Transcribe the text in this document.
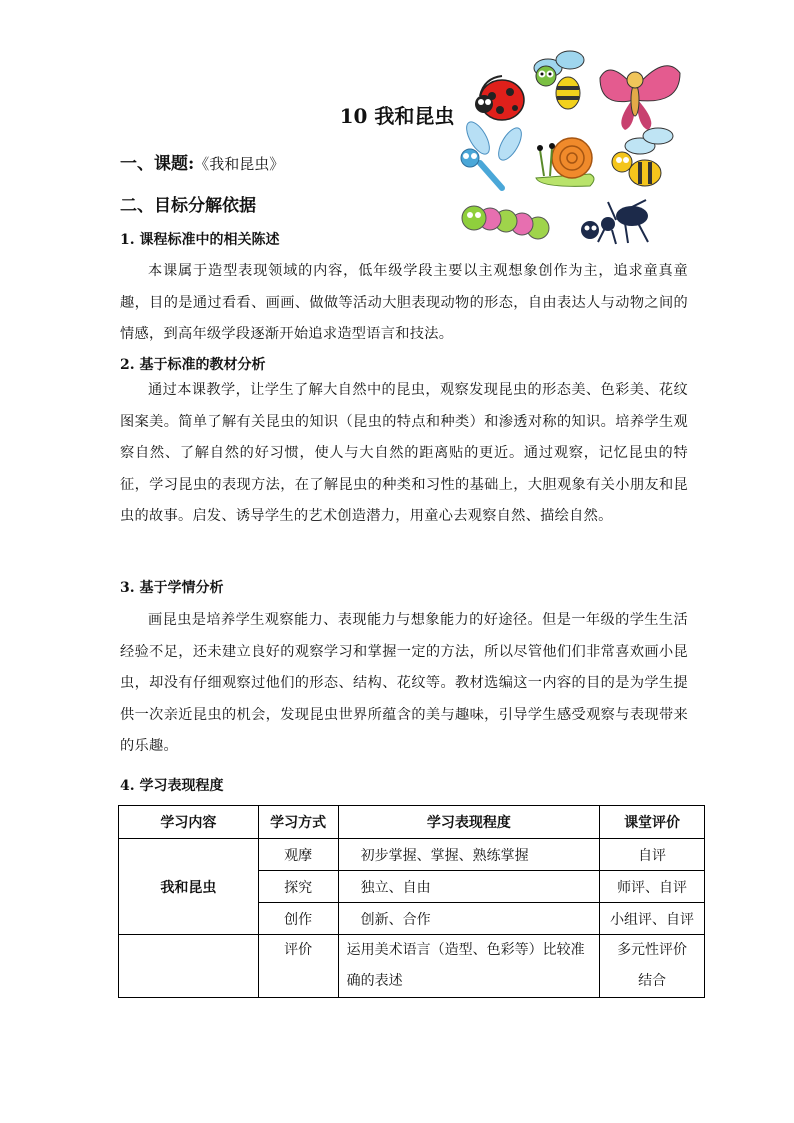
10 我和昆虫
一、课题:《我和昆虫》
二、目标分解依据
1. 课程标准中的相关陈述

本课属于造型表现领域的内容，低年级学段主要以主观想象创作为主，追求童真童趣，目的是通过看看、画画、做做等活动大胆表现动物的形态，自由表达人与动物之间的情感，到高年级学段逐渐开始追求造型语言和技法。

2. 基于标准的教材分析

通过本课教学，让学生了解大自然中的昆虫，观察发现昆虫的形态美、色彩美、花纹图案美。简单了解有关昆虫的知识（昆虫的特点和种类）和渗透对称的知识。培养学生观察自然、了解自然的好习惯，使人与大自然的距离贴的更近。通过观察，记忆昆虫的特征，学习昆虫的表现方法，在了解昆虫的种类和习性的基础上，大胆观象有关小朋友和昆虫的故事。启发、诱导学生的艺术创造潜力，用童心去观察自然、描绘自然。

3. 基于学情分析

画昆虫是培养学生观察能力、表现能力与想象能力的好途径。但是一年级的学生生活经验不足，还未建立良好的观察学习和掌握一定的方法，所以尽管他们们非常喜欢画小昆虫，却没有仔细观察过他们的形态、结构、花纹等。教材选编这一内容的目的是为学生提供一次亲近昆虫的机会，发现昆虫世界所蕴含的美与趣味，引导学生感受观察与表现带来的乐趣。

4. 学习表现程度
学习内容	学习方式	学习表现程度	课堂评价
我和昆虫	观摩	初步掌握、掌握、熟练掌握	自评
	探究	独立、自由	师评、自评
	创作	创新、合作	小组评、自评
	评价	运用美术语言（造型、色彩等）比较准确的表述	多元性评价结合
